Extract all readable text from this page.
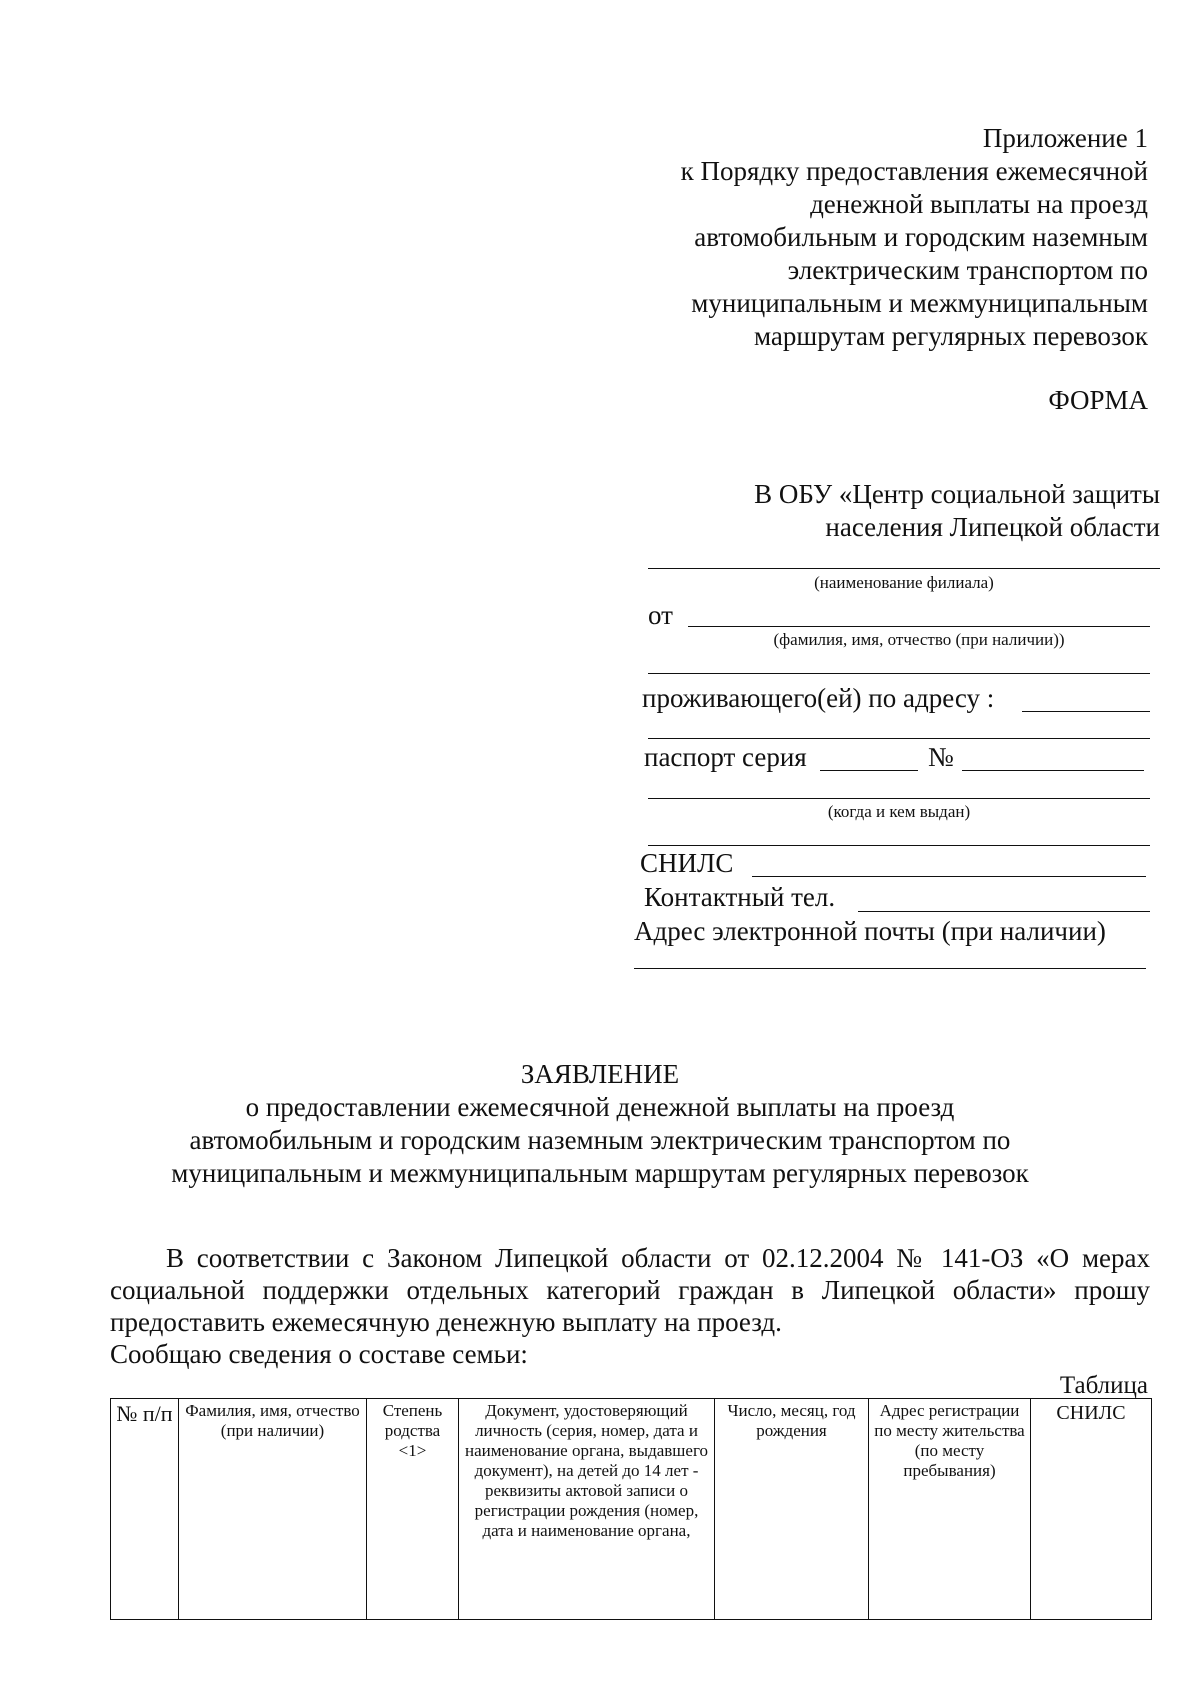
Приложение 1
к Порядку предоставления ежемесячной
денежной выплаты на проезд
автомобильным и городским наземным
электрическим транспортом по
муниципальным и межмуниципальным
маршрутам регулярных перевозок
ФОРМА
В ОБУ «Центр социальной защиты
населения Липецкой области
(наименование филиала)
от
(фамилия, имя, отчество (при наличии))
проживающего(ей) по адресу :
паспорт серия	№
(когда и кем выдан)
СНИЛС
Контактный тел.
Адрес электронной почты (при наличии)
ЗАЯВЛЕНИЕ
о предоставлении ежемесячной денежной выплаты на проезд
автомобильным и городским наземным электрическим транспортом по
муниципальным и межмуниципальным маршрутам регулярных перевозок
В соответствии с Законом Липецкой области от 02.12.2004 № 141-ОЗ «О мерах социальной поддержки отдельных категорий граждан в Липецкой области» прошу предоставить ежемесячную денежную выплату на проезд.
Сообщаю сведения о составе семьи:
Таблица
№ п/п	Фамилия, имя, отчество (при наличии)	Степень родства <1>	Документ, удостоверяющий личность (серия, номер, дата и наименование органа, выдавшего документ), на детей до 14 лет - реквизиты актовой записи о регистрации рождения (номер, дата и наименование органа,	Число, месяц, год рождения	Адрес регистрации по месту жительства (по месту пребывания)	СНИЛС
